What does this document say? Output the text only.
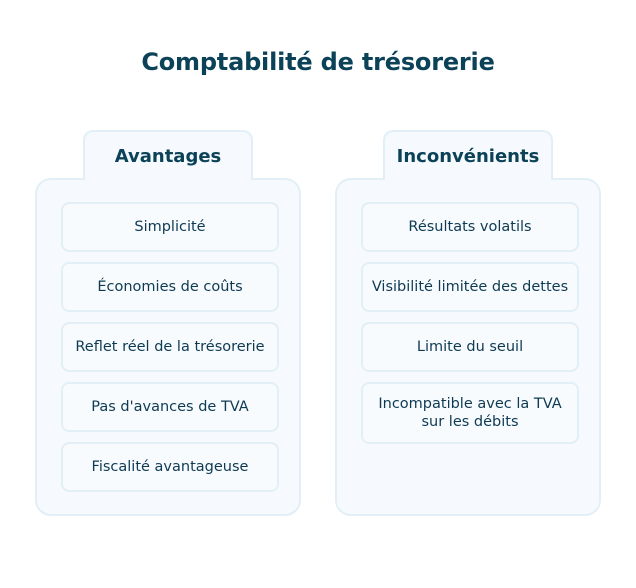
Comptabilité de trésorerie
Avantages
Simplicité
Économies de coûts
Reflet réel de la trésorerie
Pas d'avances de TVA
Fiscalité avantageuse
Inconvénients
Résultats volatils
Visibilité limitée des dettes
Limite du seuil
Incompatible avec la TVA sur les débits
